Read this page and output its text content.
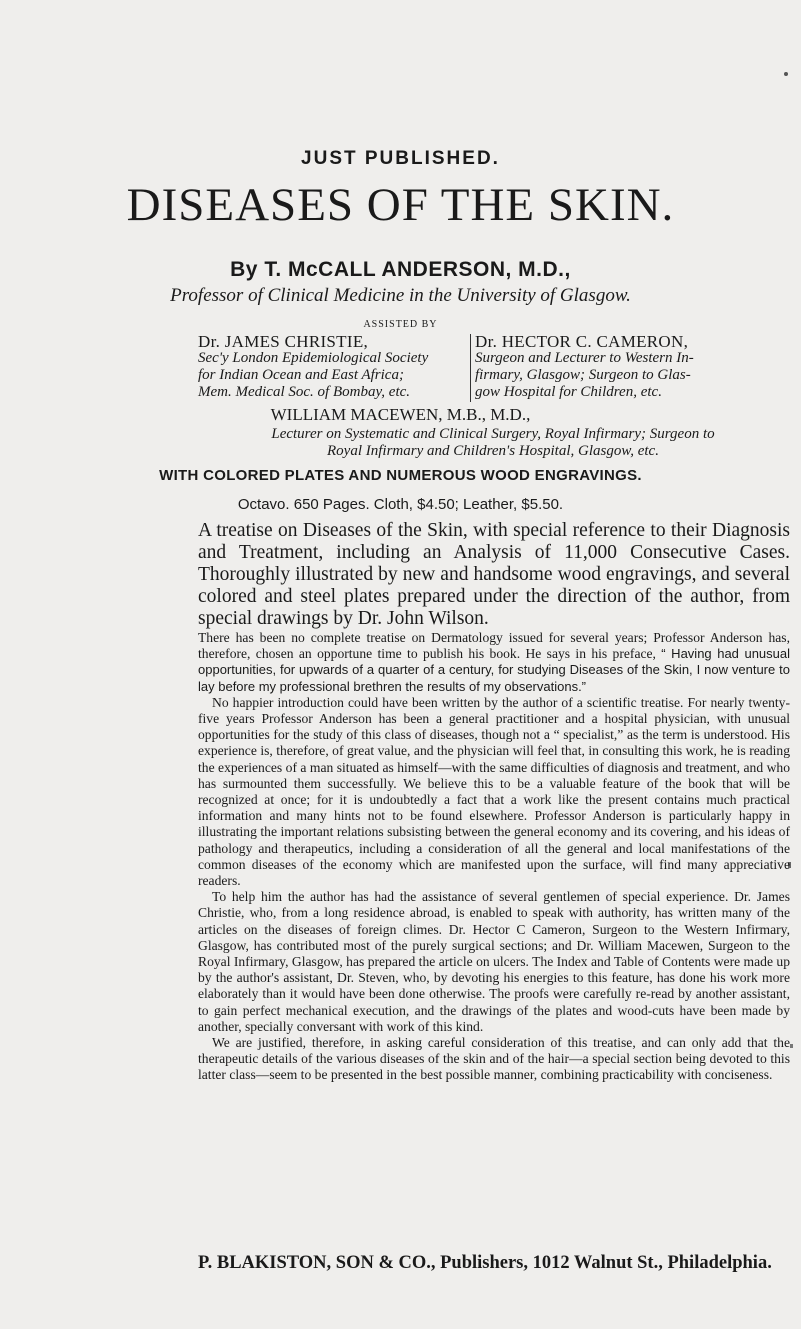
JUST PUBLISHED.
DISEASES OF THE SKIN.
By T. McCALL ANDERSON, M.D.,
Professor of Clinical Medicine in the University of Glasgow.
ASSISTED BY
Dr. JAMES CHRISTIE,
Sec'y London Epidemiological Society
for Indian Ocean and East Africa;
Mem. Medical Soc. of Bombay, etc.
Dr. HECTOR C. CAMERON,
Surgeon and Lecturer to Western In-
firmary, Glasgow; Surgeon to Glas-
gow Hospital for Children, etc.
WILLIAM MACEWEN, M.B., M.D.,
Lecturer on Systematic and Clinical Surgery, Royal Infirmary; Surgeon to
Royal Infirmary and Children's Hospital, Glasgow, etc.
WITH COLORED PLATES AND NUMEROUS WOOD ENGRAVINGS.
Octavo. 650 Pages. Cloth, $4.50; Leather, $5.50.
A treatise on Diseases of the Skin, with special reference to their Diagnosis and Treatment, including an Analysis of 11,000 Consecutive Cases. Thoroughly illustrated by new and handsome wood engravings, and several colored and steel plates prepared under the direction of the author, from special drawings by Dr. John Wilson.

There has been no complete treatise on Dermatology issued for several years; Professor Anderson has, therefore, chosen an opportune time to publish his book. He says in his preface, “ Having had unusual opportunities, for upwards of a quarter of a century, for studying Diseases of the Skin, I now venture to lay before my professional brethren the results of my observations.”

No happier introduction could have been written by the author of a scientific treatise. For nearly twenty-five years Professor Anderson has been a general practitioner and a hospital physician, with unusual opportunities for the study of this class of diseases, though not a “ specialist,” as the term is understood. His experience is, therefore, of great value, and the physician will feel that, in consulting this work, he is reading the experiences of a man situated as himself—with the same difficulties of diagnosis and treatment, and who has surmounted them successfully. We believe this to be a valuable feature of the book that will be recognized at once; for it is undoubtedly a fact that a work like the present contains much practical information and many hints not to be found elsewhere. Professor Anderson is particularly happy in illustrating the important relations subsisting between the general economy and its covering, and his ideas of pathology and therapeutics, including a consideration of all the general and local manifestations of the common diseases of the economy which are manifested upon the surface, will find many appreciative readers.

To help him the author has had the assistance of several gentlemen of special experience. Dr. James Christie, who, from a long residence abroad, is enabled to speak with authority, has written many of the articles on the diseases of foreign climes. Dr. Hector C Cameron, Surgeon to the Western Infirmary, Glasgow, has contributed most of the purely surgical sections; and Dr. William Macewen, Surgeon to the Royal Infirmary, Glasgow, has prepared the article on ulcers. The Index and Table of Contents were made up by the author's assistant, Dr. Steven, who, by devoting his energies to this feature, has done his work more elaborately than it would have been done otherwise. The proofs were carefully re-read by another assistant, to gain perfect mechanical execution, and the drawings of the plates and wood-cuts have been made by another, specially conversant with work of this kind.

We are justified, therefore, in asking careful consideration of this treatise, and can only add that the therapeutic details of the various diseases of the skin and of the hair—a special section being devoted to this latter class—seem to be presented in the best possible manner, combining practicability with conciseness.

P. BLAKISTON, SON & CO., Publishers, 1012 Walnut St., Philadelphia.
